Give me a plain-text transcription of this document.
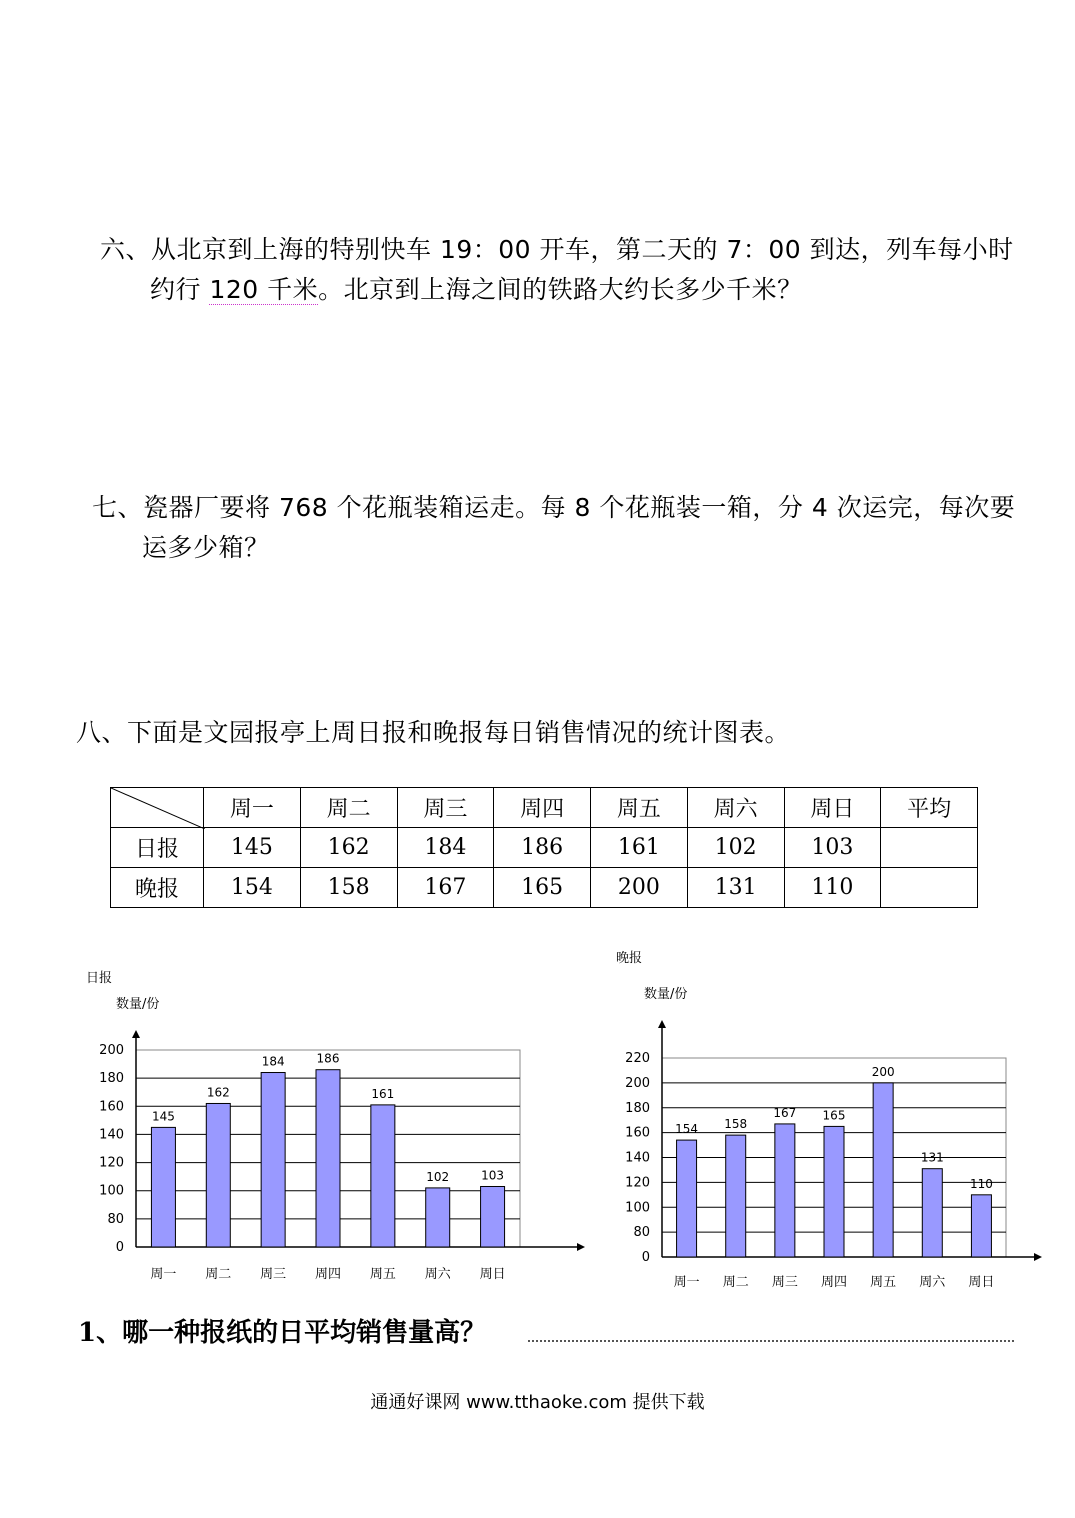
六、从北京到上海的特别快车 19：00 开车，第二天的 7：00 到达，列车每小时
约行 120 千米。北京到上海之间的铁路大约长多少千米？
七、瓷器厂要将 768 个花瓶装箱运走。每 8 个花瓶装一箱，分 4 次运完，每次要
运多少箱？
八、下面是文园报亭上周日报和晚报每日销售情况的统计图表。
	周一	周二	周三	周四	周五	周六	周日	平均
日报	145	162	184	186	161	102	103	
晚报	154	158	167	165	200	131	110	
日报
数量/份
0
80
100
120
140
160
180
200
145
周一
162
周二
184
周三
186
周四
161
周五
102
周六
103
周日
晚报
数量/份
0
80
100
120
140
160
180
200
220
154
周一
158
周二
167
周三
165
周四
200
周五
131
周六
110
周日
1、哪一种报纸的日平均销售量高？
通通好课网 www.tthaoke.com 提供下载
